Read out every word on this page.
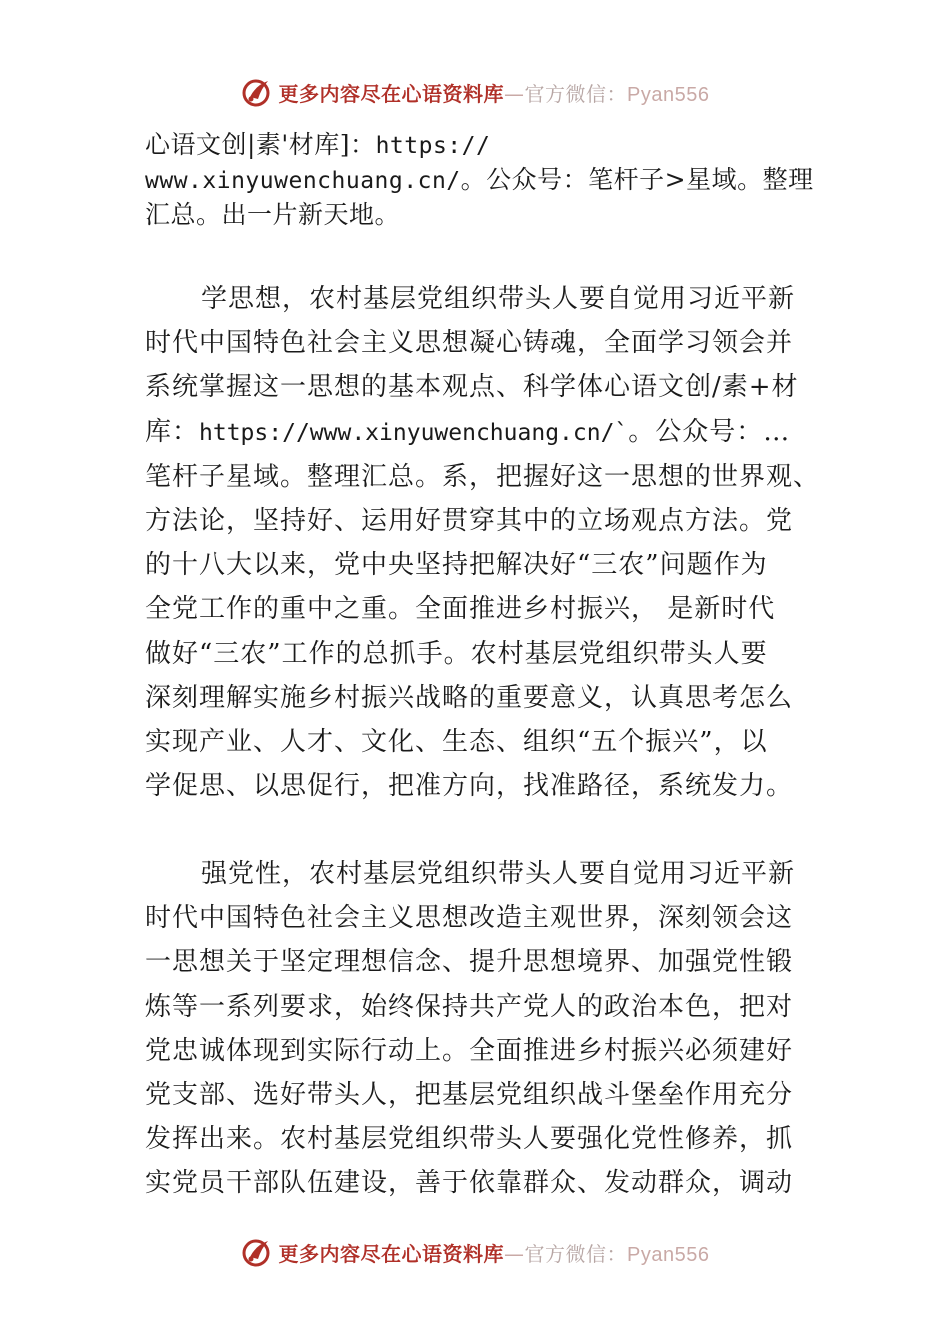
更多内容尽在心语资料库—官方微信：Pyan556
心语文创|素'材库]：https://
www.xinyuwenchuang.cn/。公众号：笔杆子>星域。整理
汇总。出一片新天地。

学思想，农村基层党组织带头人要自觉用习近平新
时代中国特色社会主义思想凝心铸魂，全面学习领会并
系统掌握这一思想的基本观点、科学体心语文创/素+材
库：https://www.xinyuwenchuang.cn/`。公众号：…
笔杆子星域。整理汇总。系，把握好这一思想的世界观、
方法论，坚持好、运用好贯穿其中的立场观点方法。党
的十八大以来，党中央坚持把解决好“三农”问题作为
全党工作的重中之重。全面推进乡村振兴， 是新时代
做好“三农”工作的总抓手。农村基层党组织带头人要
深刻理解实施乡村振兴战略的重要意义，认真思考怎么
实现产业、人才、文化、生态、组织“五个振兴”，以
学促思、以思促行，把准方向，找准路径，系统发力。

强党性，农村基层党组织带头人要自觉用习近平新
时代中国特色社会主义思想改造主观世界，深刻领会这
一思想关于坚定理想信念、提升思想境界、加强党性锻
炼等一系列要求，始终保持共产党人的政治本色，把对
党忠诚体现到实际行动上。全面推进乡村振兴必须建好
党支部、选好带头人，把基层党组织战斗堡垒作用充分
发挥出来。农村基层党组织带头人要强化党性修养，抓
实党员干部队伍建设，善于依靠群众、发动群众，调动

更多内容尽在心语资料库—官方微信：Pyan556
